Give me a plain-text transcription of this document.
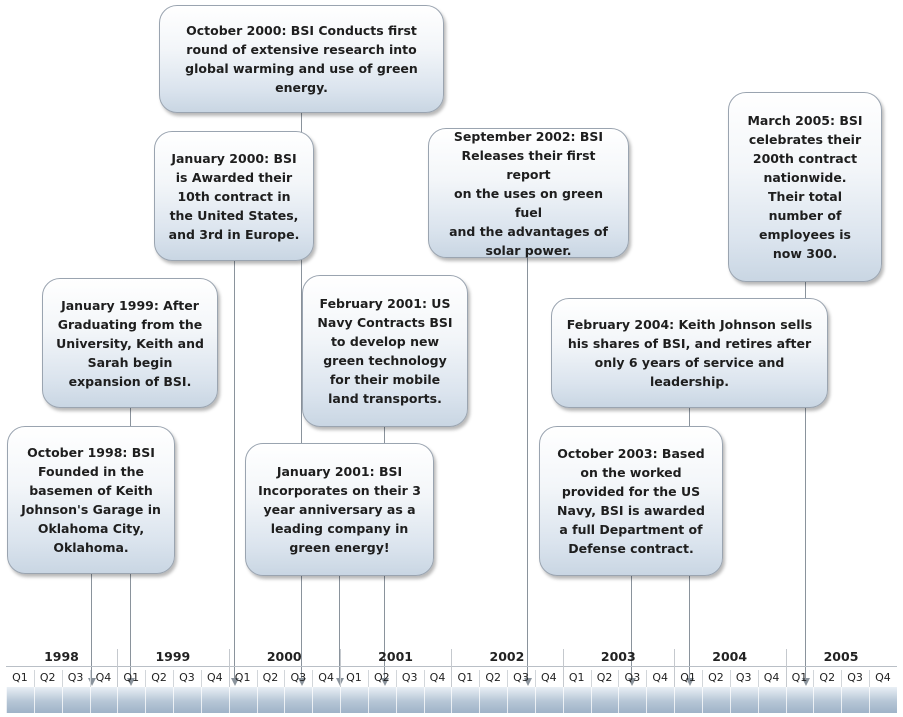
October 1998: BSI
Founded in the
basemen of Keith
Johnson's Garage in
Oklahoma City,
Oklahoma.
January 1999: After
Graduating from the
University, Keith and
Sarah begin
expansion of BSI.
January 2000: BSI
is Awarded their
10th contract in
the United States,
and 3rd in Europe.
October 2000: BSI Conducts first
round of extensive research into
global warming and use of green
energy.
January 2001: BSI
Incorporates on their 3
year anniversary as a
leading company in
green energy!
February 2001: US
Navy Contracts BSI
to develop new
green technology
for their mobile
land transports.
September 2002: BSI
Releases their first report
on the uses on green fuel
and the advantages of
solar power.
October 2003: Based
on the worked
provided for the US
Navy, BSI is awarded
a full Department of
Defense contract.
February 2004: Keith Johnson sells
his shares of BSI, and retires after
only 6 years of service and
leadership.
March 2005: BSI
celebrates their
200th contract
nationwide.
Their total
number of
employees is
now 300.
1998
Q1	Q2	Q3	Q4
1999
Q1	Q2	Q3	Q4
2000
Q1	Q2	Q3	Q4
2001
Q1	Q2	Q3	Q4
2002
Q1	Q2	Q3	Q4
2003
Q1	Q2	Q3	Q4
2004
Q1	Q2	Q3	Q4
2005
Q1	Q2	Q3	Q4
